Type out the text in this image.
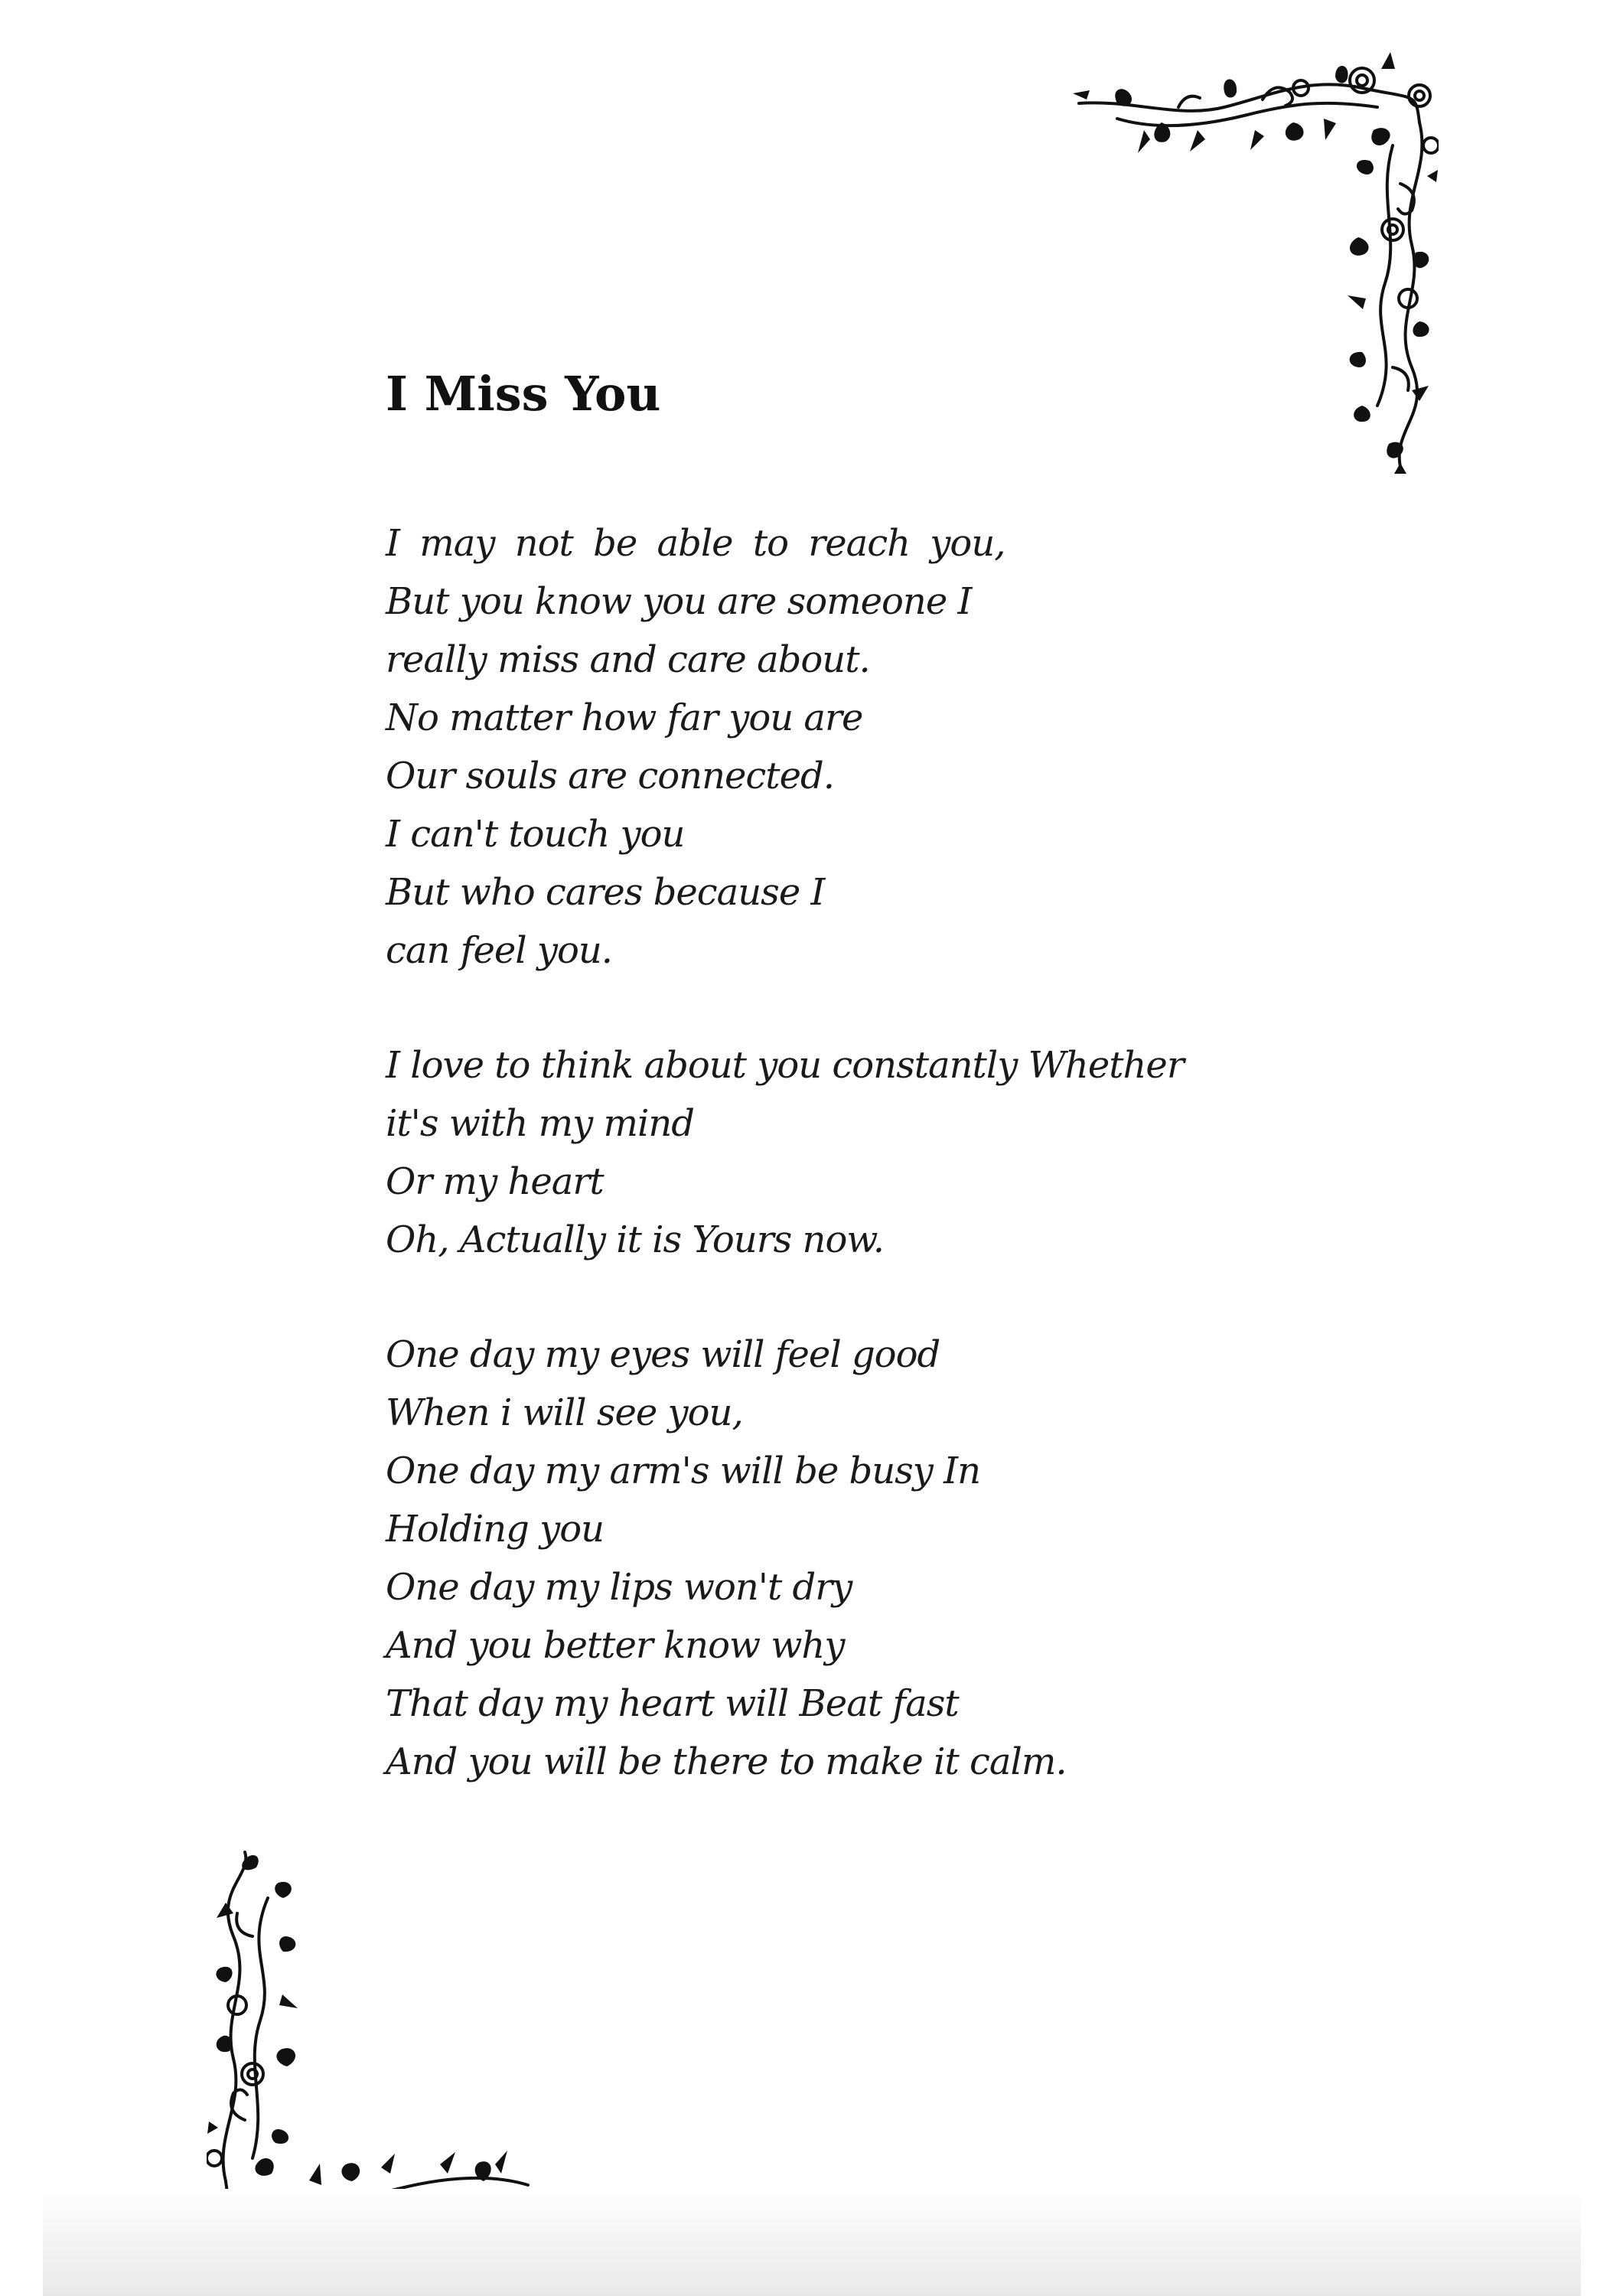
I Miss You
I may not be able to reach you,
But you know you are someone I
really miss and care about.
No matter how far you are
Our souls are connected.
I can't touch you
But who cares because I
can feel you.
I love to think about you constantly Whether
it's with my mind
Or my heart
Oh, Actually it is Yours now.
One day my eyes will feel good
When i will see you,
One day my arm's will be busy In
Holding you
One day my lips won't dry
And you better know why
That day my heart will Beat fast
And you will be there to make it calm.
